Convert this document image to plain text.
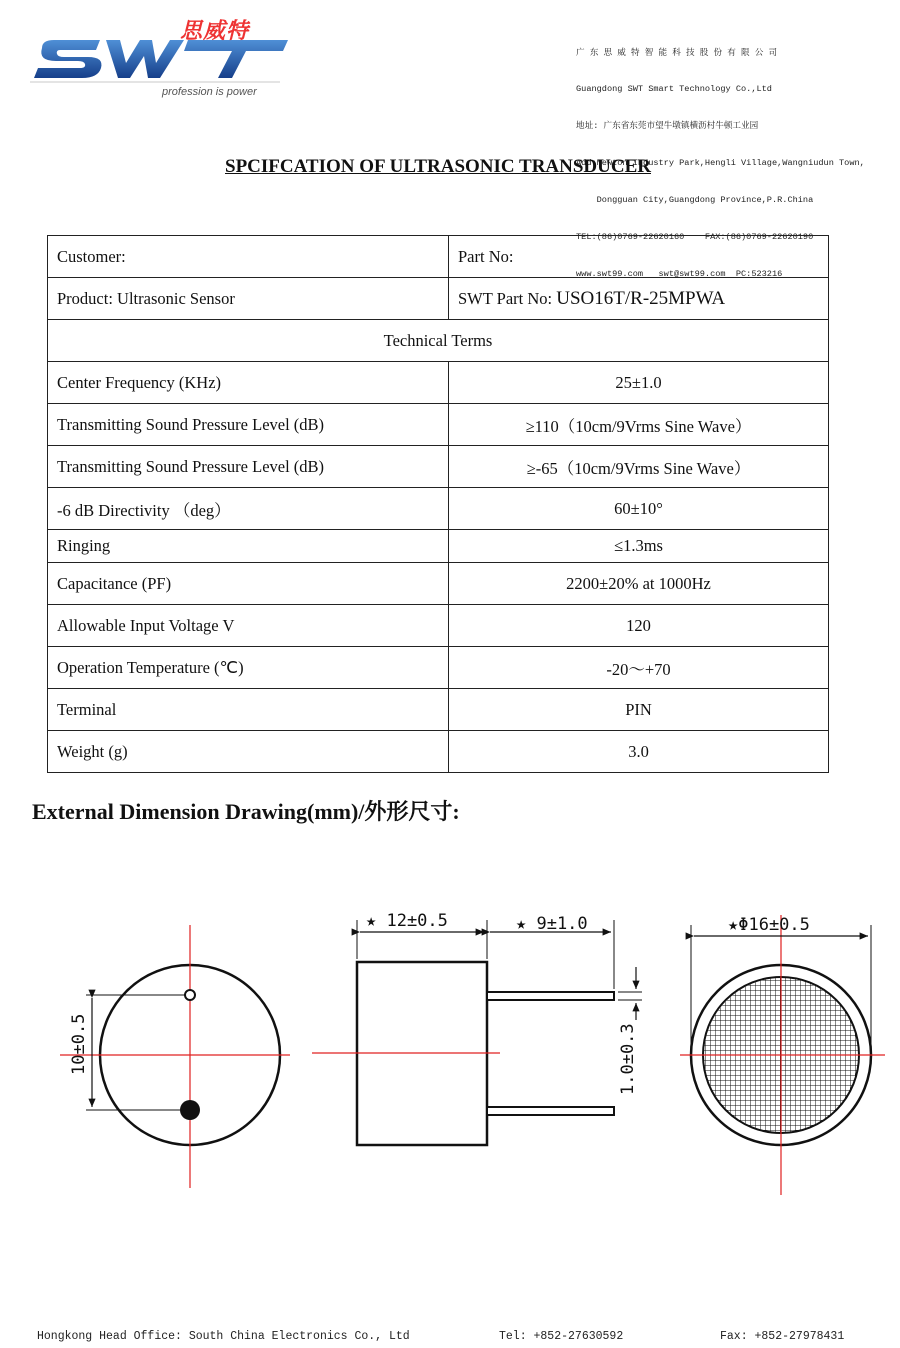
思威特
profession is power

广 东 思 威 特 智 能 科 技 股 份 有 限 公 司

Guangdong SWT Smart Technology Co.,Ltd

地址: 广东省东莞市望牛墩镇横沥村牛顿工业园

Add:Newton Industry Park,Hengli Village,Wangniudun Town,

Dongguan City,Guangdong Province,P.R.China

TEL:(86)0769-22620160    FAX:(86)0769-22620190

www.swt99.com   swt@swt99.com  PC:523216

SPCIFCATION OF ULTRASONIC TRANSDUCER
Customer:	Part No:
Product: Ultrasonic Sensor	SWT Part No: USO16T/R-25MPWA
Technical Terms	
Center Frequency (KHz)	25±1.0
Transmitting Sound Pressure Level (dB)	≥110（10cm/9Vrms Sine Wave）
Transmitting Sound Pressure Level (dB)	≥-65（10cm/9Vrms Sine Wave）
-6 dB Directivity （deg）	60±10°
Ringing	≤1.3ms
Capacitance (PF)	2200±20% at 1000Hz
Allowable Input Voltage V	120
Operation Temperature (℃)	-20～+70
Terminal	PIN
Weight (g)	3.0
External Dimension Drawing(mm)/外形尺寸:
10±0.5
★ 12±0.5	★ 9±1.0
1.0±0.3
★Φ16±0.5
Hongkong Head Office: South China Electronics Co., Ltd	Tel: +852-27630592	Fax: +852-27978431
